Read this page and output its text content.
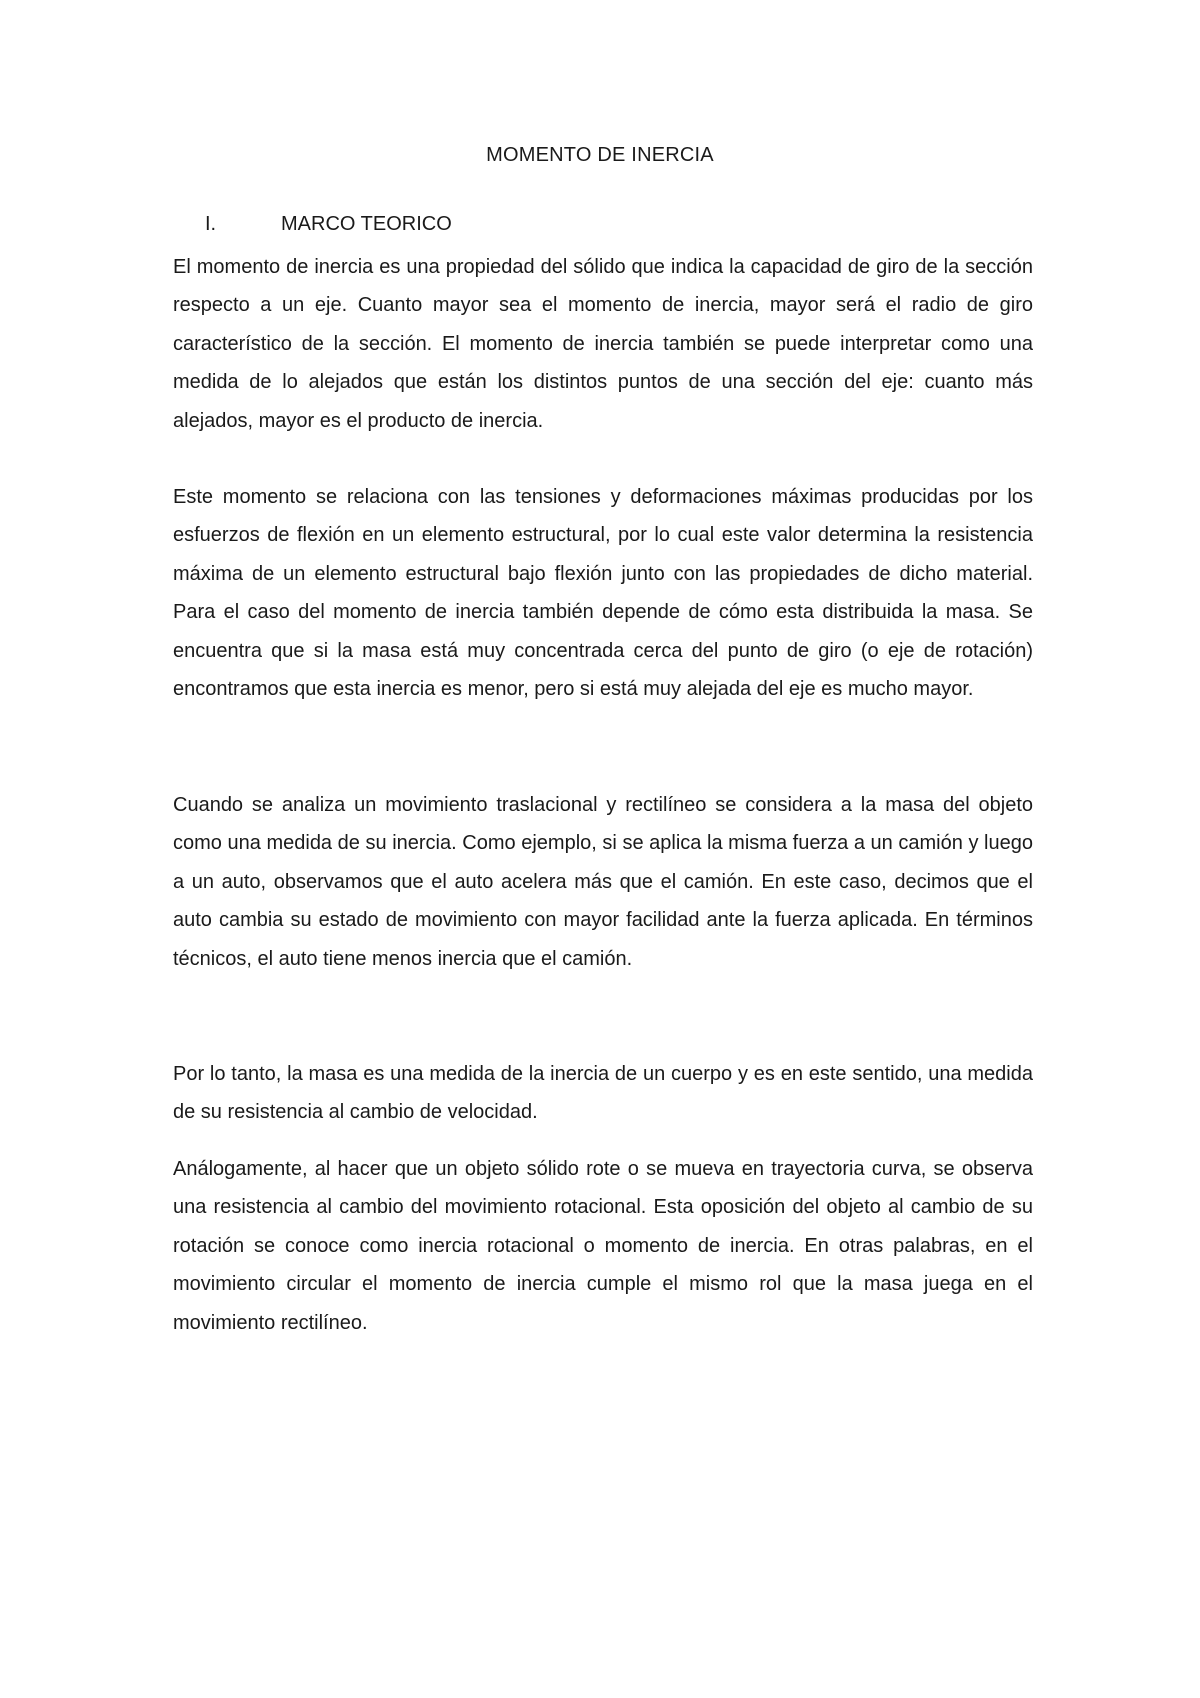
MOMENTO DE INERCIA
I.	MARCO TEORICO

El momento de inercia es una propiedad del sólido que indica la capacidad de giro de la sección respecto a un eje. Cuanto mayor sea el momento de inercia, mayor será el radio de giro característico de la sección. El momento de inercia también se puede interpretar como una medida de lo alejados que están los distintos puntos de una sección del eje: cuanto más alejados, mayor es el producto de inercia.

Este momento se relaciona con las tensiones y deformaciones máximas producidas por los esfuerzos de flexión en un elemento estructural, por lo cual este valor determina la resistencia máxima de un elemento estructural bajo flexión junto con las propiedades de dicho material. Para el caso del momento de inercia también depende de cómo esta distribuida la masa. Se encuentra que si la masa está muy concentrada cerca del punto de giro (o eje de rotación) encontramos que esta inercia es menor, pero si está muy alejada del eje es mucho mayor.

Cuando se analiza un movimiento traslacional y rectilíneo se considera a la masa del objeto como una medida de su inercia. Como ejemplo, si se aplica la misma fuerza a un camión y luego a un auto, observamos que el auto acelera más que el camión. En este caso, decimos que el auto cambia su estado de movimiento con mayor facilidad ante la fuerza aplicada. En términos técnicos, el auto tiene menos inercia que el camión.

Por lo tanto, la masa es una medida de la inercia de un cuerpo y es en este sentido, una medida de su resistencia al cambio de velocidad.

Análogamente, al hacer que un objeto sólido rote o se mueva en trayectoria curva, se observa una resistencia al cambio del movimiento rotacional. Esta oposición del objeto al cambio de su rotación se conoce como inercia rotacional o momento de inercia. En otras palabras, en el movimiento circular el momento de inercia cumple el mismo rol que la masa juega en el movimiento rectilíneo.
